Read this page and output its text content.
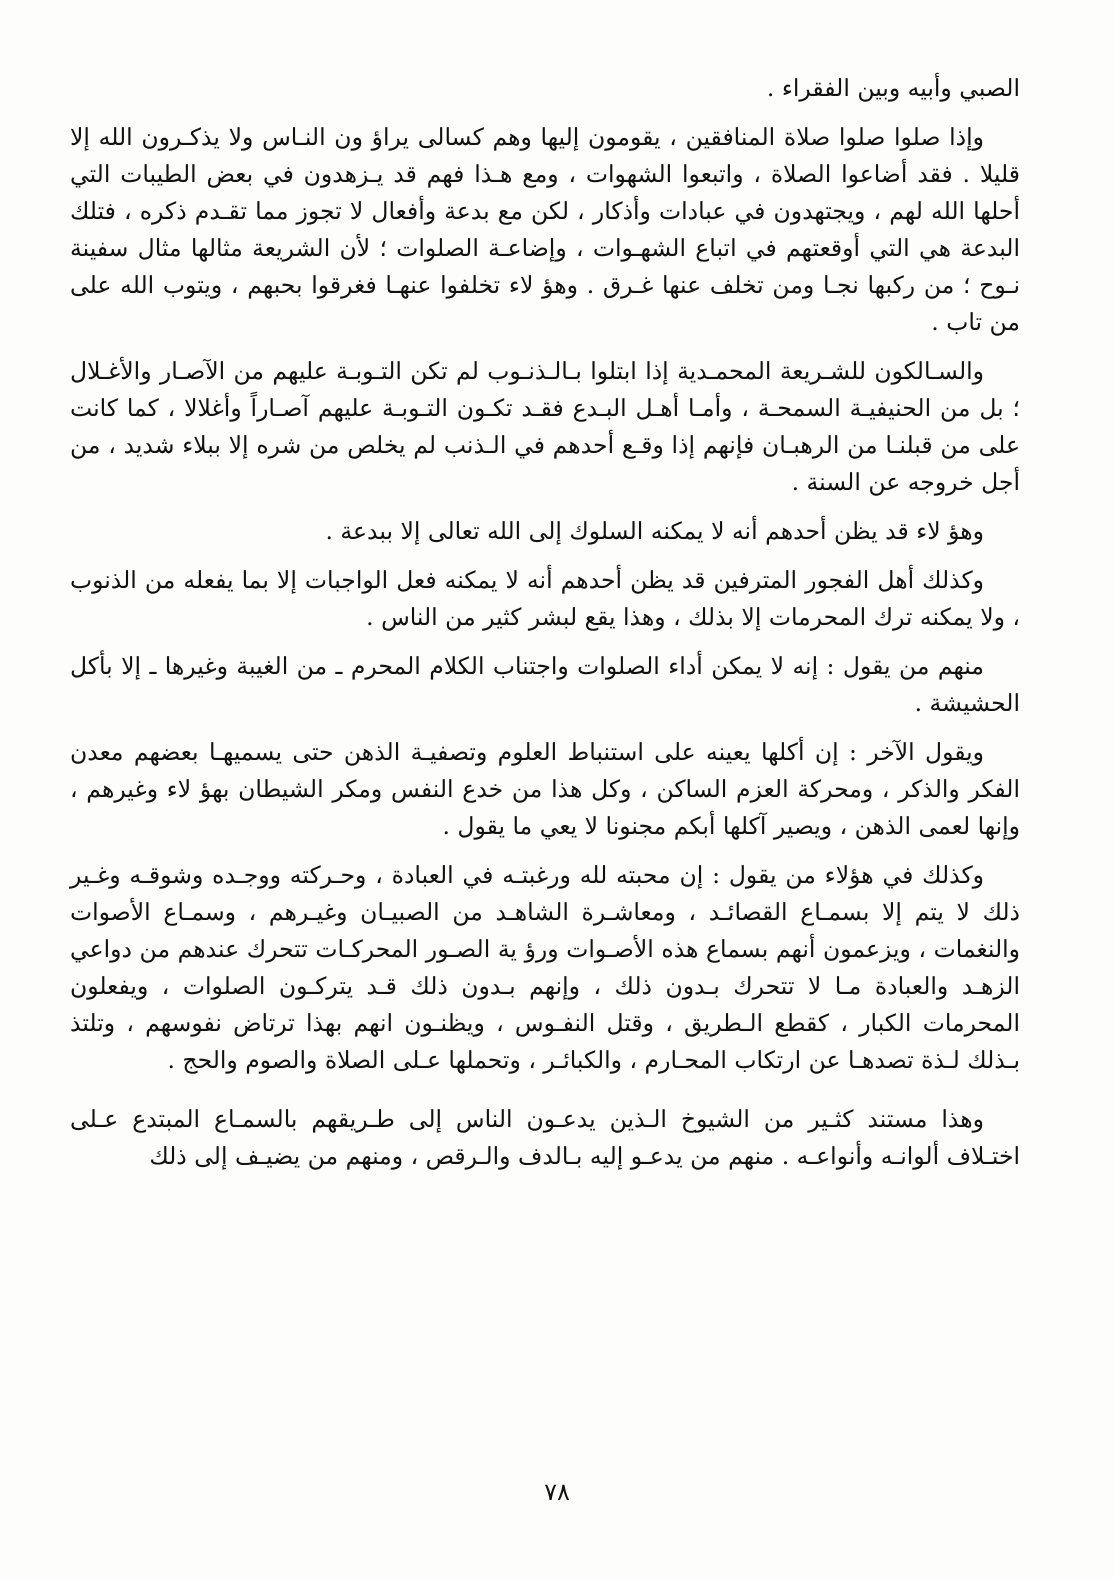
الصبي وأبيه وبين الفقراء .

وإذا صلوا صلوا صلاة المنافقين ، يقومون إليها وهم كسالى يراؤ ون النـاس ولا يذكـرون الله إلا قليلا . فقد أضاعوا الصلاة ، واتبعوا الشهوات ، ومع هـذا فهم قد يـزهدون في بعض الطيبات التي أحلها الله لهم ، ويجتهدون في عبادات وأذكار ، لكن مع بدعة وأفعال لا تجوز مما تقـدم ذكره ، فتلك البدعة هي التي أوقعتهم في اتباع الشهـوات ، وإضاعـة الصلوات ؛ لأن الشريعة مثالها مثال سفينة نـوح ؛ من ركبها نجـا ومن تخلف عنها غـرق . وهؤ لاء تخلفوا عنهـا فغرقوا بحبهم ، ويتوب الله على من تاب .

والسـالكون للشـريعة المحمـدية إذا ابتلوا بـالـذنـوب لم تكن التـوبـة عليهم من الآصـار والأغـلال ؛ بل من الحنيفيـة السمحـة ، وأمـا أهـل البـدع فقـد تكـون التـوبـة عليهم آصـاراً وأغلالا ، كما كانت على من قبلنـا من الرهبـان فإنهم إذا وقـع أحدهم في الـذنب لم يخلص من شره إلا ببلاء شديد ، من أجل خروجه عن السنة .

وهؤ لاء قد يظن أحدهم أنه لا يمكنه السلوك إلى الله تعالى إلا ببدعة .

وكذلك أهل الفجور المترفين قد يظن أحدهم أنه لا يمكنه فعل الواجبات إلا بما يفعله من الذنوب ، ولا يمكنه ترك المحرمات إلا بذلك ، وهذا يقع لبشر كثير من الناس .

منهم من يقول : إنه لا يمكن أداء الصلوات واجتناب الكلام المحرم ـ من الغيبة وغيرها ـ إلا بأكل الحشيشة .

ويقول الآخر : إن أكلها يعينه على استنباط العلوم وتصفيـة الذهن حتى يسميهـا بعضهم معدن الفكر والذكر ، ومحركة العزم الساكن ، وكل هذا من خدع النفس ومكر الشيطان بهؤ لاء وغيرهم ، وإنها لعمى الذهن ، ويصير آكلها أبكم مجنونا لا يعي ما يقول .

وكذلك في هؤلاء من يقول : إن محبته لله ورغبتـه في العبادة ، وحـركته ووجـده وشوقـه وغـير ذلك لا يتم إلا بسمـاع القصائـد ، ومعاشـرة الشاهـد من الصبيـان وغيـرهم ، وسمـاع الأصوات والنغمات ، ويزعمون أنهم بسماع هذه الأصـوات ورؤ ية الصـور المحركـات تتحرك عندهم من دواعي الزهـد والعبادة مـا لا تتحرك بـدون ذلك ، وإنهم بـدون ذلك قـد يتركـون الصلوات ، ويفعلون المحرمات الكبار ، كقطع الـطريق ، وقتل النفـوس ، ويظنـون انهم بهذا ترتاض نفوسهم ، وتلتذ بـذلك لـذة تصدهـا عن ارتكاب المحـارم ، والكبائـر ، وتحملها عـلى الصلاة والصوم والحج .

وهذا مستند كثـير من الشيوخ الـذين يدعـون الناس إلى طـريقهم بالسمـاع المبتدع عـلى اختـلاف ألوانـه وأنواعـه . منهم من يدعـو إليه بـالدف والـرقص ، ومنهم من يضيـف إلى ذلك

٧٨
